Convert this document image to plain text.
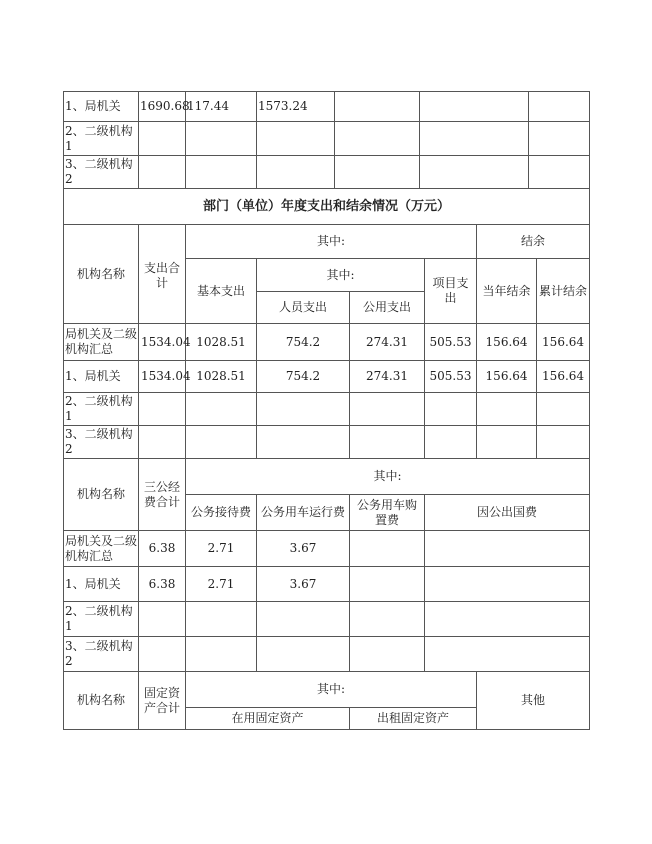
1、局机关	1690.68	117.44	1573.24			
2、二级机构1						
3、二级机构2						
部门（单位）年度支出和结余情况（万元）						
机构名称	支出合计	其中:				结余	
		基本支出	其中:		项目支出	当年结余	累计结余
			人员支出	公用支出			
局机关及二级机构汇总	1534.04	1028.51	754.2	274.31	505.53	156.64	156.64
1、局机关	1534.04	1028.51	754.2	274.31	505.53	156.64	156.64
2、二级机构1							
3、二级机构2							
机构名称	三公经费合计	其中:			
		公务接待费	公务用车运行费	公务用车购置费	因公出国费
局机关及二级机构汇总	6.38	2.71	3.67		
1、局机关	6.38	2.71	3.67		
2、二级机构1					
3、二级机构2					
机构名称	固定资产合计	其中:		其他
		在用固定资产	出租固定资产	
